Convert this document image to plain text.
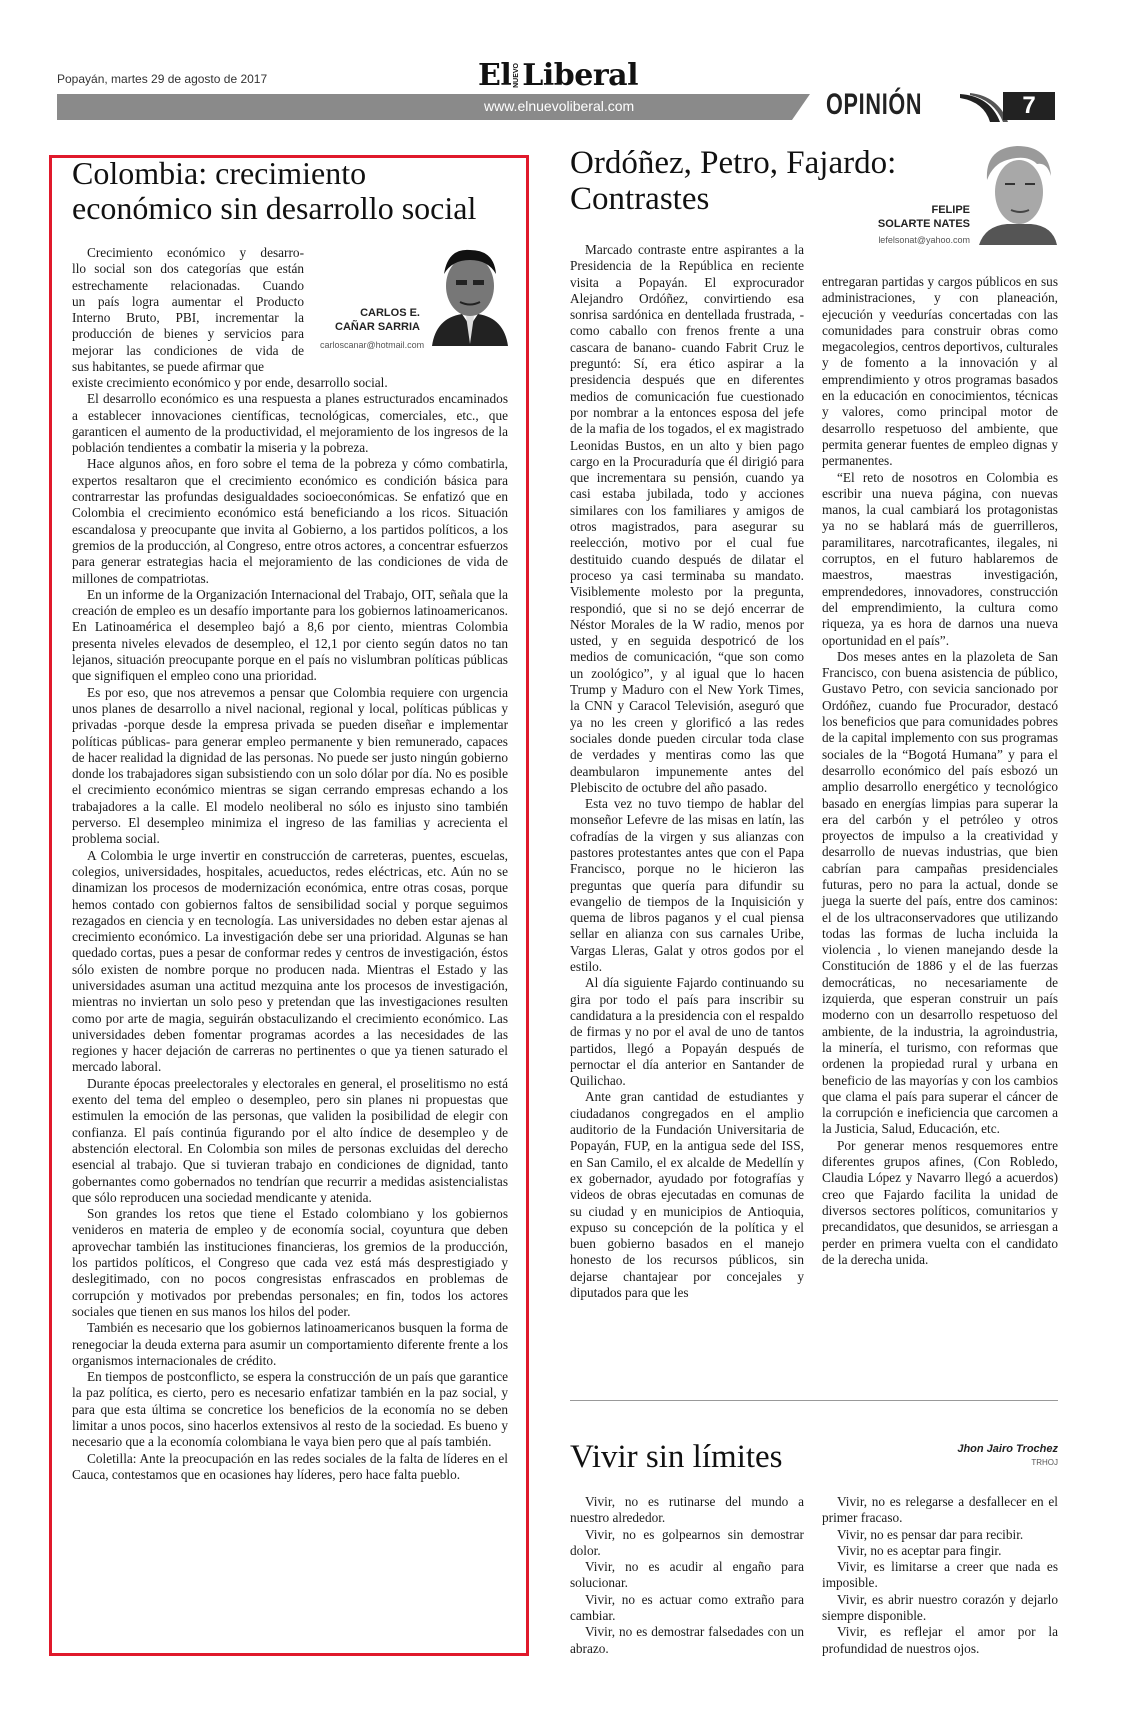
Popayán, martes 29 de agosto de 2017	El NUEVO Liberal
www.elnuevoliberal.com	OPINIÓN	7
Colombia: crecimiento económico sin desarrollo social

Crecimiento económico y desarro-

llo social son dos categorías que están

estrechamente relacionadas. Cuando

un país logra aumentar el Producto

Interno Bruto, PBI, incrementar la

producción de bienes y servicios para

mejorar las condiciones de vida de

sus habitantes, se puede afirmar que

CARLOS E.
CAÑAR SARRIA
carloscanar@hotmail.com

existe crecimiento económico y por ende, desarrollo social.

El desarrollo económico es una respuesta a planes estructurados encaminados a establecer innovaciones científicas, tecnológicas, comerciales, etc., que garanticen el aumento de la productividad, el mejoramiento de los ingresos de la población tendientes a combatir la miseria y la pobreza.

Hace algunos años, en foro sobre el tema de la pobreza y cómo combatirla, expertos resaltaron que el crecimiento económico es condición básica para contrarrestar las profundas desigualdades socioeconómicas. Se enfatizó que en Colombia el crecimiento económico está beneficiando a los ricos. Situación escandalosa y preocupante que invita al Gobierno, a los partidos políticos, a los gremios de la producción, al Congreso, entre otros actores, a concentrar esfuerzos para generar estrategias hacia el mejoramiento de las condiciones de vida de millones de compatriotas.

En un informe de la Organización Internacional del Trabajo, OIT, señala que la creación de empleo es un desafío importante para los gobiernos latinoamericanos. En Latinoamérica el desempleo bajó a 8,6 por ciento, mientras Colombia presenta niveles elevados de desempleo, el 12,1 por ciento según datos no tan lejanos, situación preocupante porque en el país no vislumbran políticas públicas que signifiquen el empleo cono una prioridad.

Es por eso, que nos atrevemos a pensar que Colombia requiere con urgencia unos planes de desarrollo a nivel nacional, regional y local, políticas públicas y privadas -porque desde la empresa privada se pueden diseñar e implementar políticas públicas- para generar empleo permanente y bien remunerado, capaces de hacer realidad la dignidad de las personas. No puede ser justo ningún gobierno donde los trabajadores sigan subsistiendo con un solo dólar por día. No es posible el crecimiento económico mientras se sigan cerrando empresas echando a los trabajadores a la calle. El modelo neoliberal no sólo es injusto sino también perverso. El desempleo minimiza el ingreso de las familias y acrecienta el problema social.

A Colombia le urge invertir en construcción de carreteras, puentes, escuelas, colegios, universidades, hospitales, acueductos, redes eléctricas, etc. Aún no se dinamizan los procesos de modernización económica, entre otras cosas, porque hemos contado con gobiernos faltos de sensibilidad social y porque seguimos rezagados en ciencia y en tecnología. Las universidades no deben estar ajenas al crecimiento económico. La investigación debe ser una prioridad. Algunas se han quedado cortas, pues a pesar de conformar redes y centros de investigación, éstos sólo existen de nombre porque no producen nada. Mientras el Estado y las universidades asuman una actitud mezquina ante los procesos de investigación, mientras no inviertan un solo peso y pretendan que las investigaciones resulten como por arte de magia, seguirán obstaculizando el crecimiento económico. Las universidades deben fomentar programas acordes a las necesidades de las regiones y hacer dejación de carreras no pertinentes o que ya tienen saturado el mercado laboral.

Durante épocas preelectorales y electorales en general, el proselitismo no está exento del tema del empleo o desempleo, pero sin planes ni propuestas que estimulen la emoción de las personas, que validen la posibilidad de elegir con confianza. El país continúa figurando por el alto índice de desempleo y de abstención electoral. En Colombia son miles de personas excluidas del derecho esencial al trabajo. Que si tuvieran trabajo en condiciones de dignidad, tanto gobernantes como gobernados no tendrían que recurrir a medidas asistencialistas que sólo reproducen una sociedad mendicante y atenida.

Son grandes los retos que tiene el Estado colombiano y los gobiernos venideros en materia de empleo y de economía social, coyuntura que deben aprovechar también las instituciones financieras, los gremios de la producción, los partidos políticos, el Congreso que cada vez está más desprestigiado y deslegitimado, con no pocos congresistas enfrascados en problemas de corrupción y motivados por prebendas personales; en fin, todos los actores sociales que tienen en sus manos los hilos del poder.

También es necesario que los gobiernos latinoamericanos busquen la forma de renegociar la deuda externa para asumir un comportamiento diferente frente a los organismos internacionales de crédito.

En tiempos de postconflicto, se espera la construcción de un país que garantice la paz política, es cierto, pero es necesario enfatizar también en la paz social, y para que esta última se concretice los beneficios de la economía no se deben limitar a unos pocos, sino hacerlos extensivos al resto de la sociedad. Es bueno y necesario que a la economía colombiana le vaya bien pero que al país también.

Coletilla: Ante la preocupación en las redes sociales de la falta de líderes en el Cauca, contestamos que en ocasiones hay líderes, pero hace falta pueblo.

Ordóñez, Petro, Fajardo: Contrastes	FELIPE
SOLARTE NATES
lefelsonat@yahoo.com

Marcado contraste entre aspirantes a la Presidencia de la República en reciente visita a Popayán. El exprocurador Alejandro Ordóñez, convirtiendo esa sonrisa sardónica en dentellada frustrada, -como caballo con frenos frente a una cascara de banano- cuando Fabrit Cruz le preguntó: Sí, era ético aspirar a la presidencia después que en diferentes medios de comunicación fue cuestionado por nombrar a la entonces esposa del jefe de la mafia de los togados, el ex magistrado Leonidas Bustos, en un alto y bien pago cargo en la Procuraduría que él dirigió para que incrementara su pensión, cuando ya casi estaba jubilada, todo y acciones similares con los familiares y amigos de otros magistrados, para asegurar su reelección, motivo por el cual fue destituido cuando después de dilatar el proceso ya casi terminaba su mandato. Visiblemente molesto por la pregunta, respondió, que si no se dejó encerrar de Néstor Morales de la W radio, menos por usted, y en seguida despotricó de los medios de comunicación, “que son como un zoológico”, y al igual que lo hacen Trump y Maduro con el New York Times, la CNN y Caracol Televisión, aseguró que ya no les creen y glorificó a las redes sociales donde pueden circular toda clase de verdades y mentiras como las que deambularon impunemente antes del Plebiscito de octubre del año pasado.

Esta vez no tuvo tiempo de hablar del monseñor Lefevre de las misas en latín, las cofradías de la virgen y sus alianzas con pastores protestantes antes que con el Papa Francisco, porque no le hicieron las preguntas que quería para difundir su evangelio de tiempos de la Inquisición y quema de libros paganos y el cual piensa sellar en alianza con sus carnales Uribe, Vargas Lleras, Galat y otros godos por el estilo.

Al día siguiente Fajardo continuando su gira por todo el país para inscribir su candidatura a la presidencia con el respaldo de firmas y no por el aval de uno de tantos partidos, llegó a Popayán después de pernoctar el día anterior en Santander de Quilichao.

Ante gran cantidad de estudiantes y ciudadanos congregados en el amplio auditorio de la Fundación Universitaria de Popayán, FUP, en la antigua sede del ISS, en San Camilo, el ex alcalde de Medellín y ex gobernador, ayudado por fotografías y videos de obras ejecutadas en comunas de su ciudad y en municipios de Antioquia, expuso su concepción de la política y el buen gobierno basados en el manejo honesto de los recursos públicos, sin dejarse chantajear por concejales y diputados para que les

entregaran partidas y cargos públicos en sus administraciones, y con planeación, ejecución y veedurías concertadas con las comunidades para construir obras como megacolegios, centros deportivos, culturales y de fomento a la innovación y al emprendimiento y otros programas basados en la educación en conocimientos, técnicas y valores, como principal motor de desarrollo respetuoso del ambiente, que permita generar fuentes de empleo dignas y permanentes.

“El reto de nosotros en Colombia es escribir una nueva página, con nuevas manos, la cual cambiará los protagonistas ya no se hablará más de guerrilleros, paramilitares, narcotraficantes, ilegales, ni corruptos, en el futuro hablaremos de maestros, maestras investigación, emprendedores, innovadores, construcción del emprendimiento, la cultura como riqueza, ya es hora de darnos una nueva oportunidad en el país”.

Dos meses antes en la plazoleta de San Francisco, con buena asistencia de público, Gustavo Petro, con sevicia sancionado por Ordóñez, cuando fue Procurador, destacó los beneficios que para comunidades pobres de la capital implemento con sus programas sociales de la “Bogotá Humana” y para el desarrollo económico del país esbozó un amplio desarrollo energético y tecnológico basado en energías limpias para superar la era del carbón y el petróleo y otros proyectos de impulso a la creatividad y desarrollo de nuevas industrias, que bien cabrían para campañas presidenciales futuras, pero no para la actual, donde se juega la suerte del país, entre dos caminos: el de los ultraconservadores que utilizando todas las formas de lucha incluida la violencia , lo vienen manejando desde la Constitución de 1886 y el de las fuerzas democráticas, no necesariamente de izquierda, que esperan construir un país moderno con un desarrollo respetuoso del ambiente, de la industria, la agroindustria, la minería, el turismo, con reformas que ordenen la propiedad rural y urbana en beneficio de las mayorías y con los cambios que clama el país para superar el cáncer de la corrupción e ineficiencia que carcomen a la Justicia, Salud, Educación, etc.

Por generar menos resquemores entre diferentes grupos afines, (Con Robledo, Claudia López y Navarro llegó a acuerdos) creo que Fajardo facilita la unidad de diversos sectores políticos, comunitarios y precandidatos, que desunidos, se arriesgan a perder en primera vuelta con el candidato de la derecha unida.

Vivir sin límites	Jhon Jairo Trochez
TRHOJ

Vivir, no es rutinarse del mundo a nuestro alrededor.

Vivir, no es golpearnos sin demostrar dolor.

Vivir, no es acudir al engaño para solucionar.

Vivir, no es actuar como extraño para cambiar.

Vivir, no es demostrar falsedades con un abrazo.

Vivir, no es relegarse a desfallecer en el primer fracaso.

Vivir, no es pensar dar para recibir.

Vivir, no es aceptar para fingir.

Vivir, es limitarse a creer que nada es imposible.

Vivir, es abrir nuestro corazón y dejarlo siempre disponible.

Vivir, es reflejar el amor por la profundidad de nuestros ojos.
